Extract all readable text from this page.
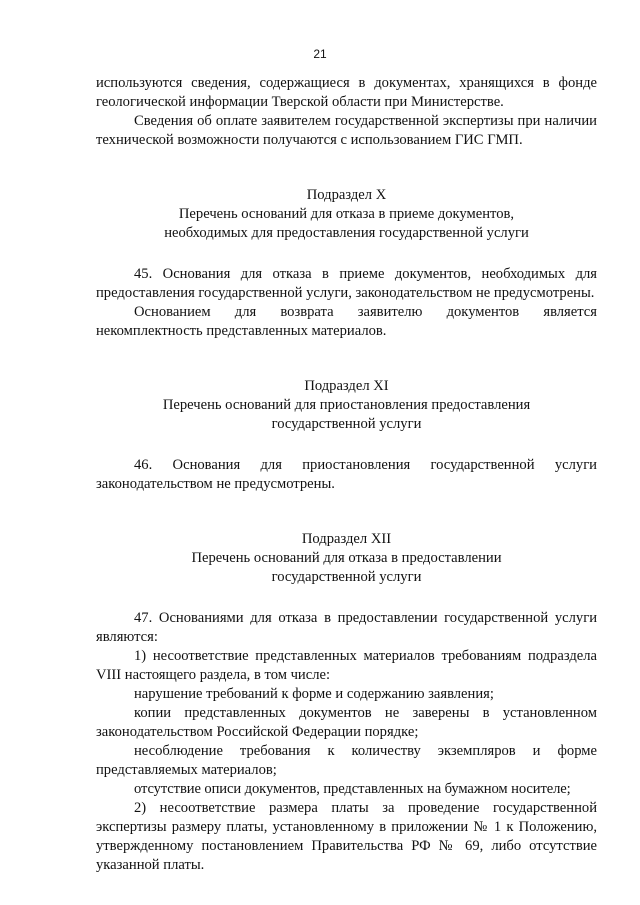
21

используются сведения, содержащиеся в документах, хранящихся в фонде геологической информации Тверской области при Министерстве.

Сведения об оплате заявителем государственной экспертизы при наличии технической возможности получаются с использованием ГИС ГМП.

Подраздел X
Перечень оснований для отказа в приеме документов,
необходимых для предоставления государственной услуги

45. Основания для отказа в приеме документов, необходимых для предоставления государственной услуги, законодательством не предусмотрены.

Основанием для возврата заявителю документов является некомплектность представленных материалов.

Подраздел XI
Перечень оснований для приостановления предоставления
государственной услуги

46. Основания для приостановления государственной услуги законодательством не предусмотрены.

Подраздел XII
Перечень оснований для отказа в предоставлении
государственной услуги

47. Основаниями для отказа в предоставлении государственной услуги являются:

1) несоответствие представленных материалов требованиям подраздела VIII настоящего раздела, в том числе:

нарушение требований к форме и содержанию заявления;

копии представленных документов не заверены в установленном законодательством Российской Федерации порядке;

несоблюдение требования к количеству экземпляров и форме представляемых материалов;

отсутствие описи документов, представленных на бумажном носителе;

2) несоответствие размера платы за проведение государственной экспертизы размеру платы, установленному в приложении № 1 к Положению, утвержденному постановлением Правительства РФ № 69, либо отсутствие указанной платы.
